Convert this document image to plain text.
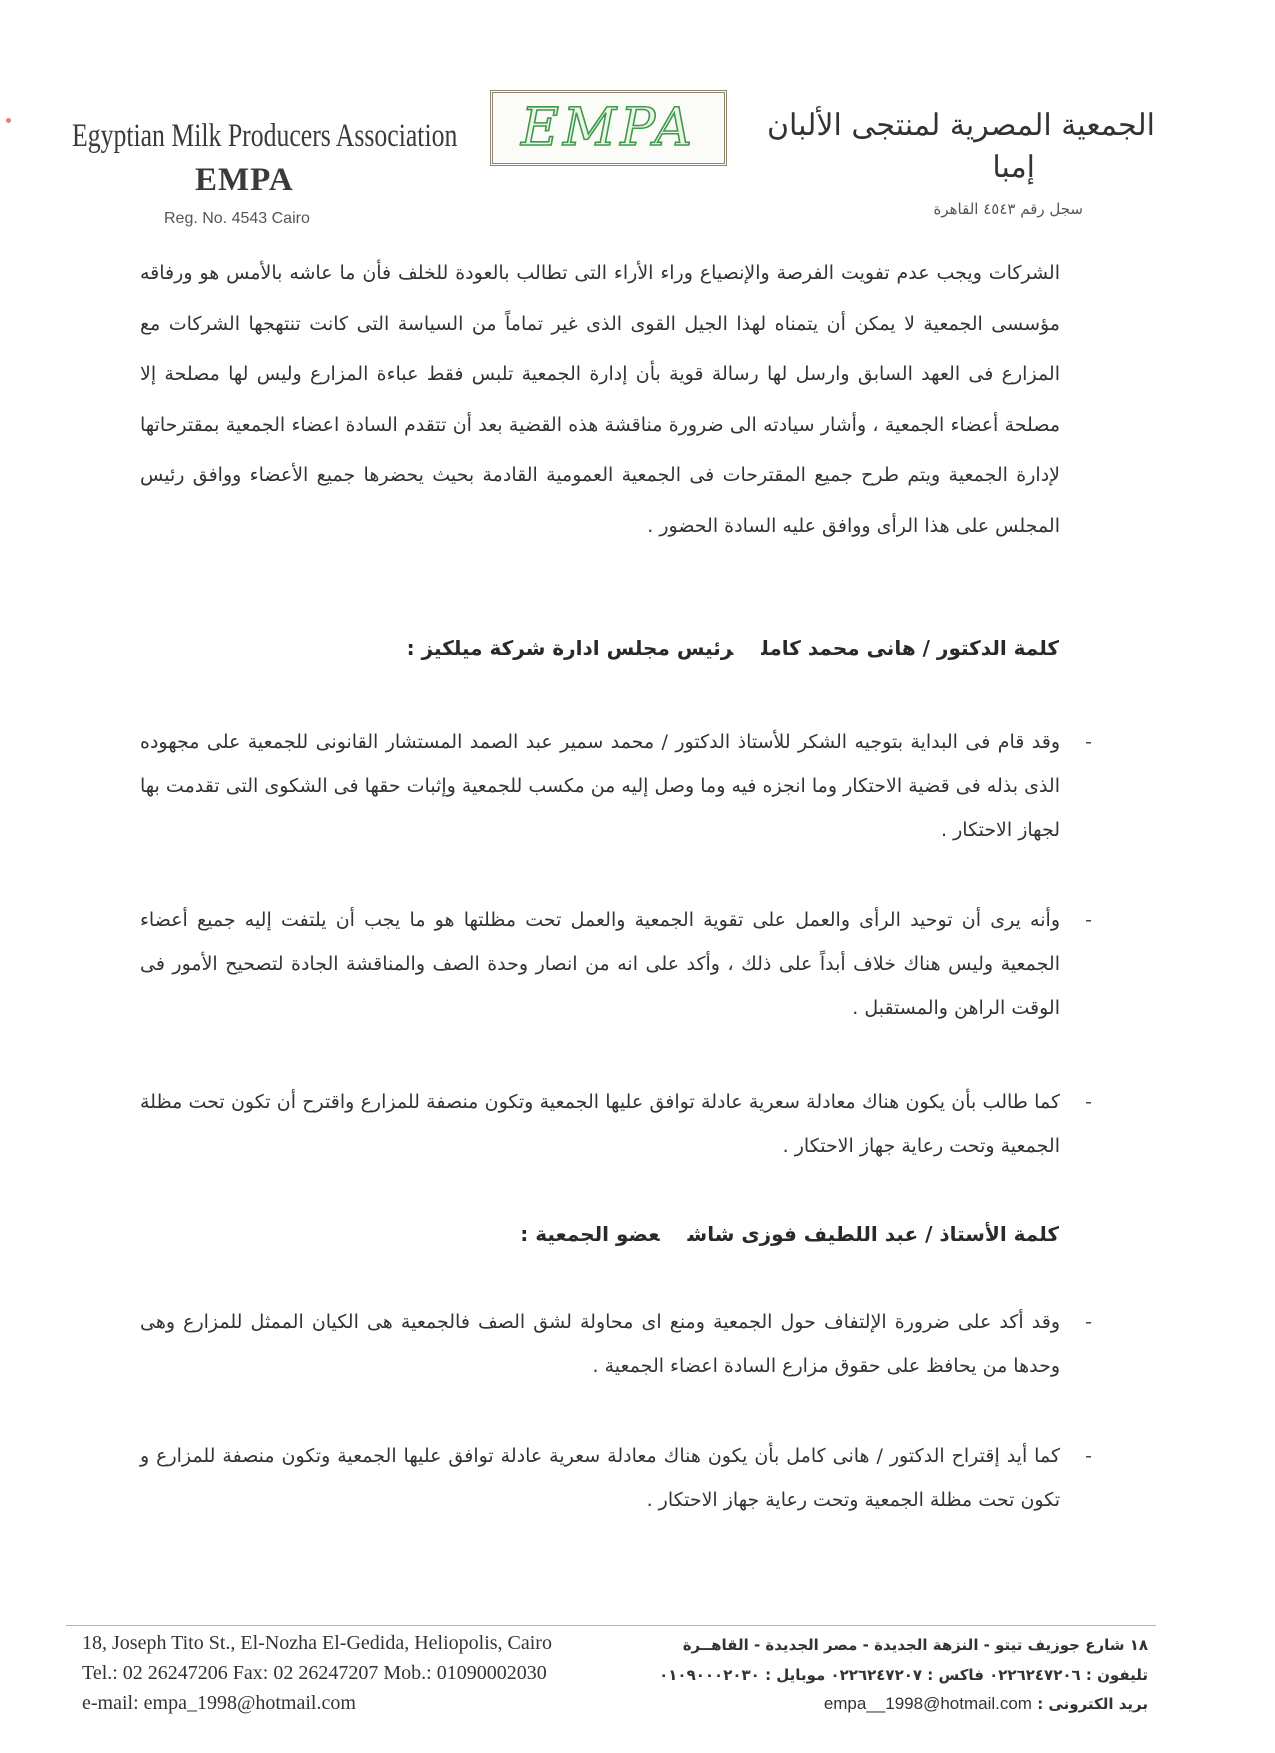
Egyptian Milk Producers Association
EMPA
Reg. No. 4543 Cairo
EMPA الجمعية المصرية لمنتجى الألبان
إمبا
سجل رقم ٤٥٤٣ القاهرة
الشركات ويجب عدم تفويت الفرصة والإنصياع وراء الأراء التى تطالب بالعودة للخلف فأن ما عاشه بالأمس هو ورفاقه مؤسسى الجمعية لا يمكن أن يتمناه لهذا الجيل القوى الذى غير تماماً من السياسة التى كانت تنتهجها الشركات مع المزارع فى العهد السابق وارسل لها رسالة قوية بأن إدارة الجمعية تلبس فقط عباءة المزارع وليس لها مصلحة إلا مصلحة أعضاء الجمعية ، وأشار سيادته الى ضرورة مناقشة هذه القضية بعد أن تتقدم السادة اعضاء الجمعية بمقترحاتها لإدارة الجمعية ويتم طرح جميع المقترحات فى الجمعية العمومية القادمة بحيث يحضرها جميع الأعضاء ووافق رئيس المجلس على هذا الرأى ووافق عليه السادة الحضور .
كلمة الدكتور / هانى محمد كاملرئيس مجلس ادارة شركة ميلكيز :
-
وقد قام فى البداية بتوجيه الشكر للأستاذ الدكتور / محمد سمير عبد الصمد المستشار القانونى للجمعية على مجهوده الذى بذله فى قضية الاحتكار وما انجزه فيه وما وصل إليه من مكسب للجمعية وإثبات حقها فى الشكوى التى تقدمت بها لجهاز الاحتكار .
-
وأنه يرى أن توحيد الرأى والعمل على تقوية الجمعية والعمل تحت مظلتها هو ما يجب أن يلتفت إليه جميع أعضاء الجمعية وليس هناك خلاف أبداً على ذلك ، وأكد على انه من انصار وحدة الصف والمناقشة الجادة لتصحيح الأمور فى الوقت الراهن والمستقبل .
-
كما طالب بأن يكون هناك معادلة سعرية عادلة توافق عليها الجمعية وتكون منصفة للمزارع واقترح أن تكون تحت مظلة الجمعية وتحت رعاية جهاز الاحتكار .
كلمة الأستاذ / عبد اللطيف فوزى شاشعضو الجمعية :
-
وقد أكد على ضرورة الإلتفاف حول الجمعية ومنع اى محاولة لشق الصف فالجمعية هى الكيان الممثل للمزارع وهى وحدها من يحافظ على حقوق مزارع السادة اعضاء الجمعية .
-
كما أيد إقتراح الدكتور / هانى كامل بأن يكون هناك معادلة سعرية عادلة توافق عليها الجمعية وتكون منصفة للمزارع و تكون تحت مظلة الجمعية وتحت رعاية جهاز الاحتكار .
18, Joseph Tito St., El-Nozha El-Gedida, Heliopolis, Cairo
Tel.: 02 26247206 Fax: 02 26247207 Mob.: 01090002030
e-mail: empa_1998@hotmail.com
١٨ شارع جوزيف تيتو - النزهة الجديدة - مصر الجديدة - القاهــرة
تليفون : ٠٢٢٦٢٤٧٢٠٦ فاكس : ٠٢٢٦٢٤٧٢٠٧ موبايل : ٠١٠٩٠٠٠٢٠٣٠
بريد الكترونى : empa__1998@hotmail.com
